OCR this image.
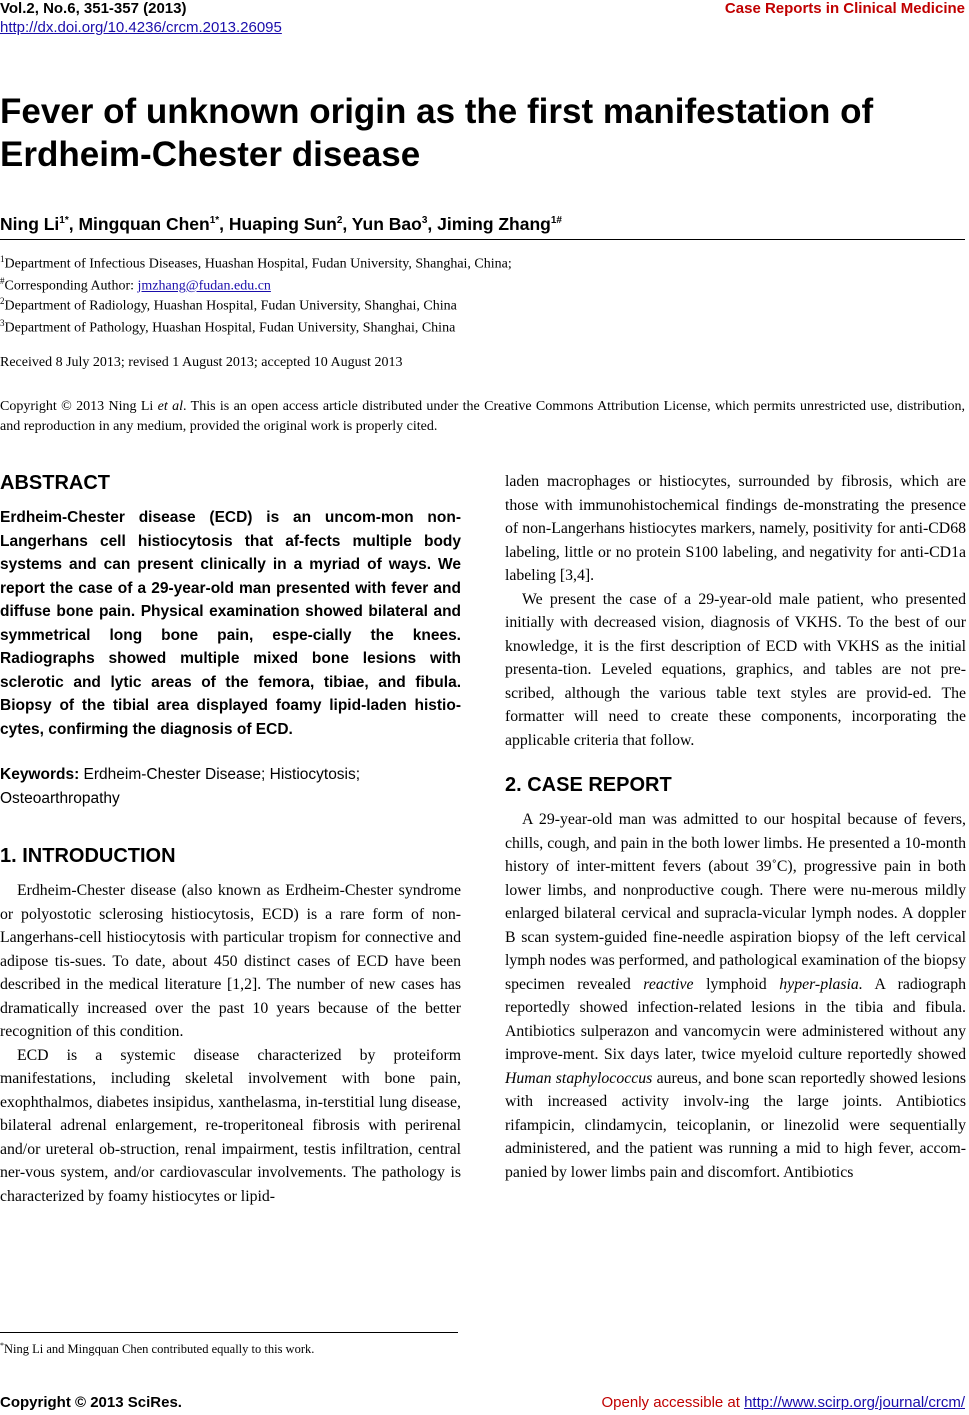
Vol.2, No.6, 351-357 (2013)
http://dx.doi.org/10.4236/crcm.2013.26095
Case Reports in Clinical Medicine
Fever of unknown origin as the first manifestation of
Erdheim-Chester disease
Ning $Li^{1*}$, Mingquan Chen$^{1*}$, Huaping Sun$^2$, Yun Bao$^3$, Jiming Zhang$^{1\#}$
$^1$Department of Infectious Diseases, Huashan Hospital, Fudan University, Shanghai, China;
#Corresponding Author: jmzhang@fudan.edu.cn
$^2$Department of Radiology, Huashan Hospital, Fudan University, Shanghai, China
$^3$Department of Pathology, Huashan Hospital, Fudan University, Shanghai, China
Received 8 July 2013; revised 1 August 2013; accepted 10 August 2013
Copyright © 2013 Ning Li et al. This is an open access article distributed under the Creative Commons Attribution License, which permits unrestricted use, distribution, and reproduction in any medium, provided the original work is properly cited.
ABSTRACT

Erdheim-Chester disease (ECD) is an uncom-mon non-Langerhans cell histiocytosis that af-fects multiple body systems and can present clinically in a myriad of ways. We report the case of a 29-year-old man presented with fever and diffuse bone pain. Physical examination showed bilateral and symmetrical long bone pain, espe-cially the knees. Radiographs showed multiple mixed bone lesions with sclerotic and lytic areas of the femora, tibiae, and fibula. Biopsy of the tibial area displayed foamy lipid-laden histio-cytes, confirming the diagnosis of ECD.

Keywords: Erdheim-Chester Disease; Histiocytosis; Osteoarthropathy

1. INTRODUCTION

Erdheim-Chester disease (also known as Erdheim-Chester syndrome or polyostotic sclerosing histiocytosis, ECD) is a rare form of non-Langerhans-cell histiocytosis with particular tropism for connective and adipose tis-sues. To date, about 450 distinct cases of ECD have been described in the medical literature [1,2]. The number of new cases has dramatically increased over the past 10 years because of the better recognition of this condition.

ECD is a systemic disease characterized by proteiform manifestations, including skeletal involvement with bone pain, exophthalmos, diabetes insipidus, xanthelasma, in-terstitial lung disease, bilateral adrenal enlargement, re-troperitoneal fibrosis with perirenal and/or ureteral ob-struction, renal impairment, testis infiltration, central ner-vous system, and/or cardiovascular involvements. The pathology is characterized by foamy histiocytes or lipid-

laden macrophages or histiocytes, surrounded by fibrosis, which are those with immunohistochemical findings de-monstrating the presence of non-Langerhans histiocytes markers, namely, positivity for anti-CD68 labeling, little or no protein S100 labeling, and negativity for anti-CD1a labeling [3,4].

We present the case of a 29-year-old male patient, who presented initially with decreased vision, diagnosis of VKHS. To the best of our knowledge, it is the first description of ECD with VKHS as the initial presenta-tion. Leveled equations, graphics, and tables are not pre-scribed, although the various table text styles are provid-ed. The formatter will need to create these components, incorporating the applicable criteria that follow.

2. CASE REPORT

A 29-year-old man was admitted to our hospital because of fevers, chills, cough, and pain in the both lower limbs. He presented a 10-month history of inter-mittent fevers (about 39˚C), progressive pain in both lower limbs, and nonproductive cough. There were nu-merous mildly enlarged bilateral cervical and supracla-vicular lymph nodes. A doppler B scan system-guided fine-needle aspiration biopsy of the left cervical lymph nodes was performed, and pathological examination of the biopsy specimen revealed reactive lymphoid hyper-plasia. A radiograph reportedly showed infection-related lesions in the tibia and fibula. Antibiotics sulperazon and vancomycin were administered without any improve-ment. Six days later, twice myeloid culture reportedly showed Human staphylococcus aureus, and bone scan reportedly showed lesions with increased activity involv-ing the large joints. Antibiotics rifampicin, clindamycin, teicoplanin, or linezolid were sequentially administered, and the patient was running a mid to high fever, accom-panied by lower limbs pain and discomfort. Antibiotics

*Ning Li and Mingquan Chen contributed equally to this work.
Copyright © 2013 SciRes.	Openly accessible at http://www.scirp.org/journal/crcm/
